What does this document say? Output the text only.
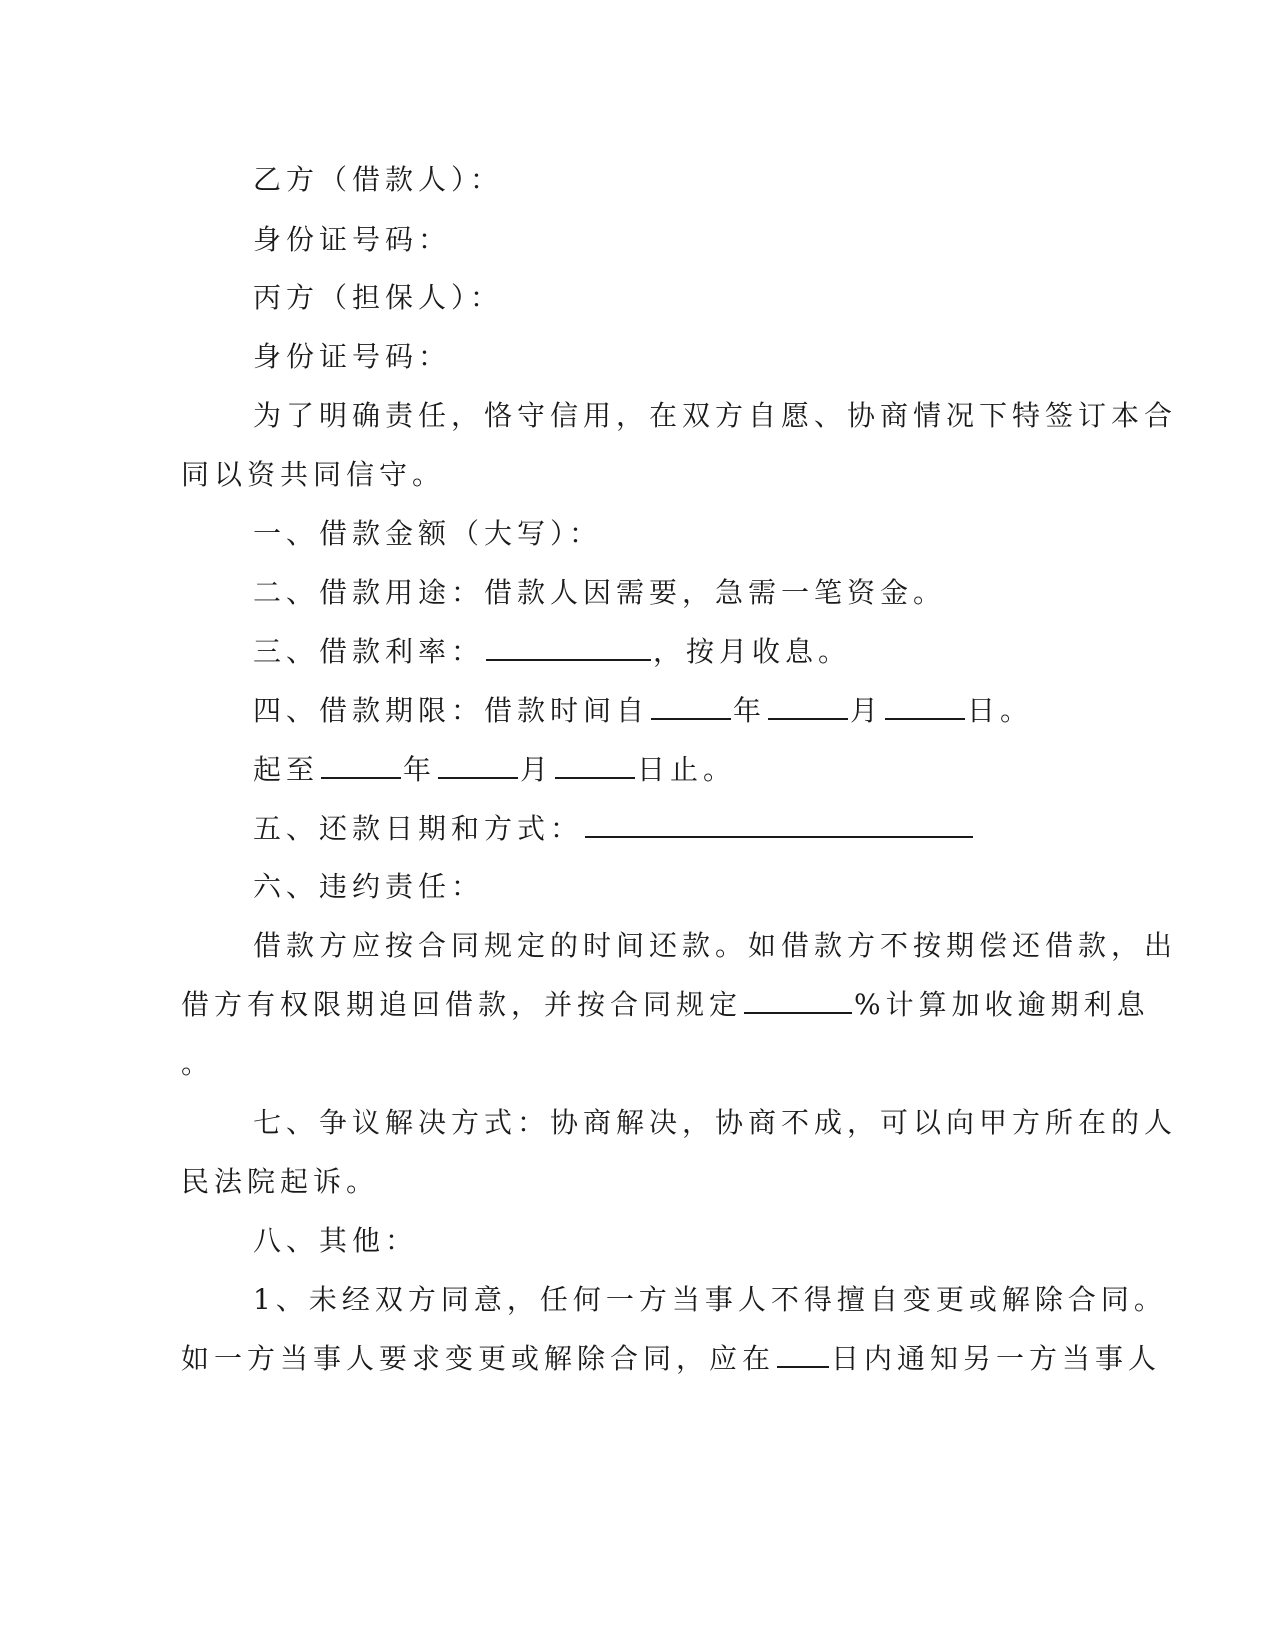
乙方（借款人）：
身份证号码：
丙方（担保人）：
身份证号码：
为了明确责任，恪守信用，在双方自愿、协商情况下特签订本合
同以资共同信守。
一、借款金额（大写）：
二、借款用途：借款人因需要，急需一笔资金。
三、借款利率：	，按月收息。
四、借款期限：借款时间自	年	月	日。
起至	年	月	日止。
五、还款日期和方式：
六、违约责任：
借款方应按合同规定的时间还款。如借款方不按期偿还借款，出
借方有权限期追回借款，并按合同规定	%计算加收逾期利息
。
七、争议解决方式：协商解决，协商不成，可以向甲方所在的人
民法院起诉。
八、其他：
1、未经双方同意，任何一方当事人不得擅自变更或解除合同。
如一方当事人要求变更或解除合同，应在 日内通知另一方当事人
